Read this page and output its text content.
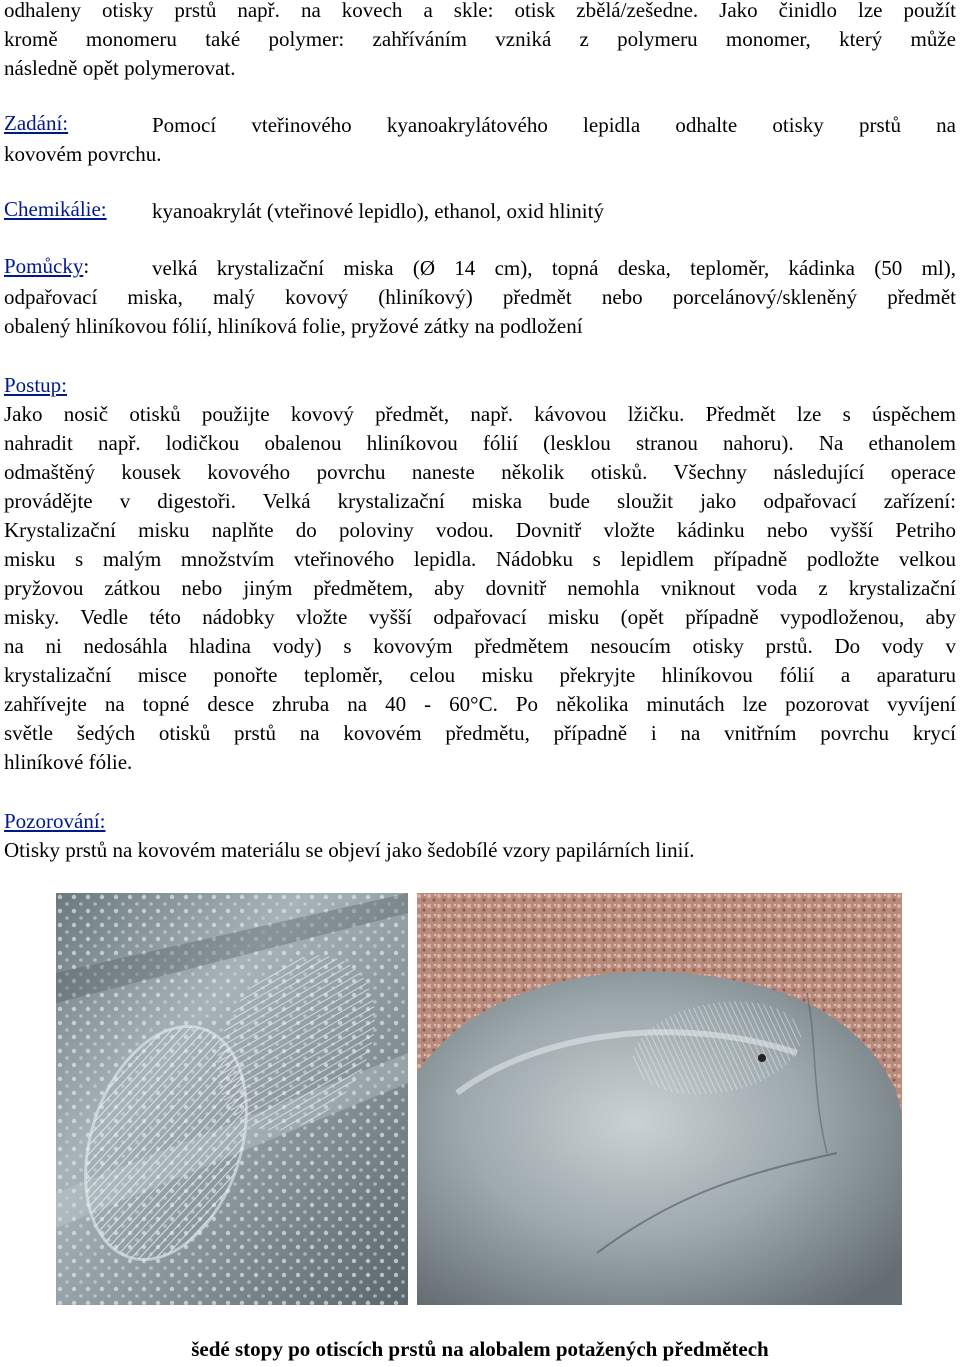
odhaleny otisky prstů např. na kovech a skle: otisk zbělá/zešedne. Jako činidlo lze použít

kromě monomeru také polymer: zahříváním vzniká z polymeru monomer, který může

následně opět polymerovat.

Zadání:	Pomocí vteřinového kyanoakrylátového lepidla odhalte otisky prstů na

kovovém povrchu.

Chemikálie:	kyanoakrylát (vteřinové lepidlo), ethanol, oxid hlinitý

Pomůcky:	velká krystalizační miska (Ø 14 cm), topná deska, teploměr, kádinka (50 ml),

odpařovací miska, malý kovový (hliníkový) předmět nebo porcelánový/skleněný předmět

obalený hliníkovou fólií, hliníková folie, pryžové zátky na podložení

Postup:

Jako nosič otisků použijte kovový předmět, např. kávovou lžičku. Předmět lze s úspěchem

nahradit např. lodičkou obalenou hliníkovou fólií (lesklou stranou nahoru). Na ethanolem

odmaštěný kousek kovového povrchu naneste několik otisků. Všechny následující operace

provádějte v digestoři. Velká krystalizační miska bude sloužit jako odpařovací zařízení:

Krystalizační misku naplňte do poloviny vodou. Dovnitř vložte kádinku nebo vyšší Petriho

misku s malým množstvím vteřinového lepidla. Nádobku s lepidlem případně podložte velkou

pryžovou zátkou nebo jiným předmětem, aby dovnitř nemohla vniknout voda z krystalizační

misky. Vedle této nádobky vložte vyšší odpařovací misku (opět případně vypodloženou, aby

na ni nedosáhla hladina vody) s kovovým předmětem nesoucím otisky prstů. Do vody v

krystalizační misce ponořte teploměr, celou misku překryjte hliníkovou fólií a aparaturu

zahřívejte na topné desce zhruba na 40 - 60°C. Po několika minutách lze pozorovat vyvíjení

světle šedých otisků prstů na kovovém předmětu, případně i na vnitřním povrchu krycí

hliníkové fólie.

Pozorování:

Otisky prstů na kovovém materiálu se objeví jako šedobílé vzory papilárních linií.

šedé stopy po otiscích prstů na alobalem potažených předmětech
